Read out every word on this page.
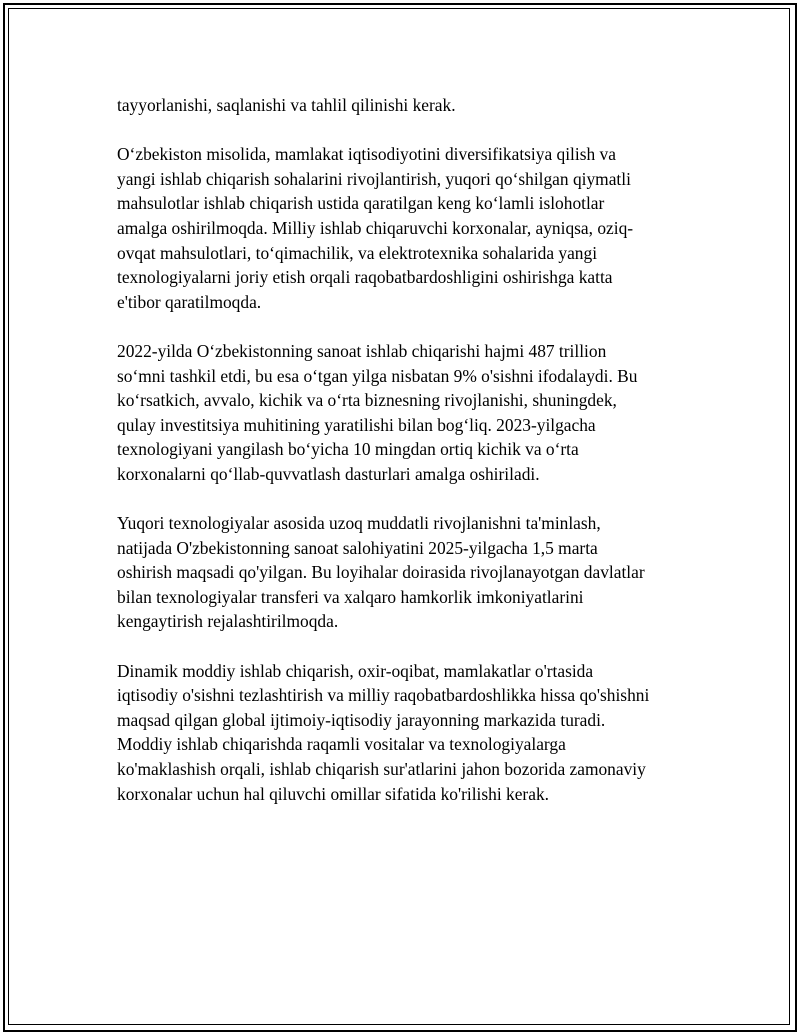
tayyorlanishi, saqlanishi va tahlil qilinishi kerak.

O‘zbekiston misolida, mamlakat iqtisodiyotini diversifikatsiya qilish va
yangi ishlab chiqarish sohalarini rivojlantirish, yuqori qo‘shilgan qiymatli
mahsulotlar ishlab chiqarish ustida qaratilgan keng ko‘lamli islohotlar
amalga oshirilmoqda. Milliy ishlab chiqaruvchi korxonalar, ayniqsa, oziq-
ovqat mahsulotlari, to‘qimachilik, va elektrotexnika sohalarida yangi
texnologiyalarni joriy etish orqali raqobatbardoshligini oshirishga katta
e'tibor qaratilmoqda.

2022-yilda O‘zbekistonning sanoat ishlab chiqarishi hajmi 487 trillion
so‘mni tashkil etdi, bu esa o‘tgan yilga nisbatan 9% o'sishni ifodalaydi. Bu
ko‘rsatkich, avvalo, kichik va o‘rta biznesning rivojlanishi, shuningdek,
qulay investitsiya muhitining yaratilishi bilan bog‘liq. 2023-yilgacha
texnologiyani yangilash bo‘yicha 10 mingdan ortiq kichik va o‘rta
korxonalarni qo‘llab-quvvatlash dasturlari amalga oshiriladi.

Yuqori texnologiyalar asosida uzoq muddatli rivojlanishni ta'minlash,
natijada O'zbekistonning sanoat salohiyatini 2025-yilgacha 1,5 marta
oshirish maqsadi qo'yilgan. Bu loyihalar doirasida rivojlanayotgan davlatlar
bilan texnologiyalar transferi va xalqaro hamkorlik imkoniyatlarini
kengaytirish rejalashtirilmoqda.

Dinamik moddiy ishlab chiqarish, oxir-oqibat, mamlakatlar o'rtasida
iqtisodiy o'sishni tezlashtirish va milliy raqobatbardoshlikka hissa qo'shishni
maqsad qilgan global ijtimoiy-iqtisodiy jarayonning markazida turadi.
Moddiy ishlab chiqarishda raqamli vositalar va texnologiyalarga
ko'maklashish orqali, ishlab chiqarish sur'atlarini jahon bozorida zamonaviy
korxonalar uchun hal qiluvchi omillar sifatida ko'rilishi kerak.
